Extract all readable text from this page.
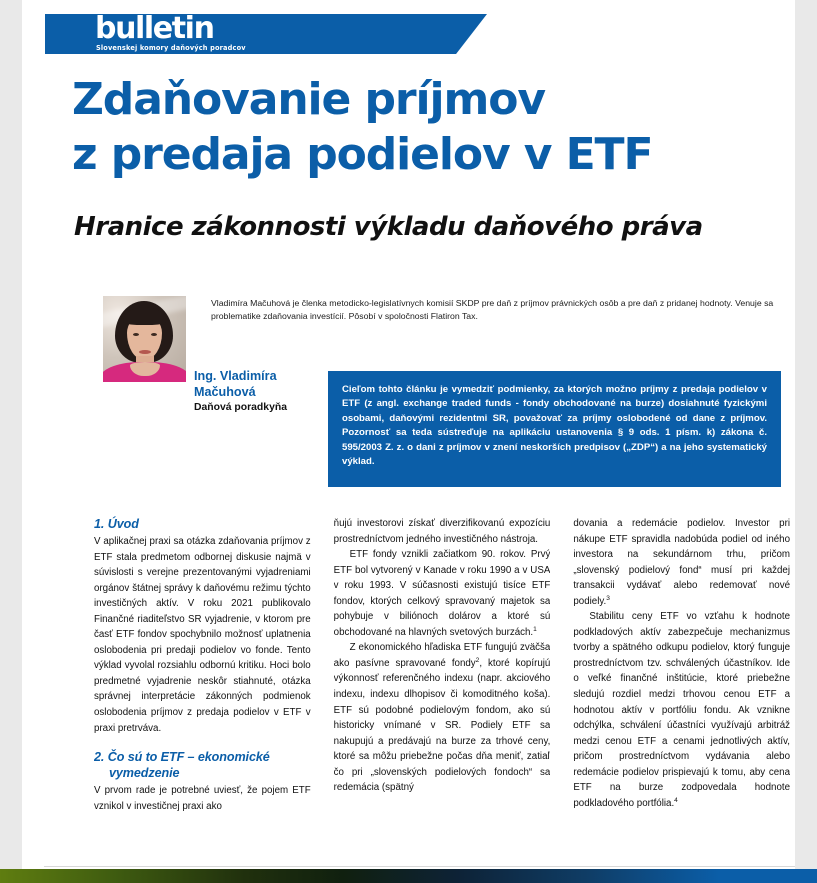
bulletin
Slovenskej komory daňových poradcov
Zdaňovanie príjmov
z predaja podielov v ETF
Hranice zákonnosti výkladu daňového práva
Vladimíra Mačuhová je členka metodicko-legislatívnych komisií SKDP pre daň z príjmov právnických osôb a pre daň z pridanej hodnoty. Venuje sa problematike zdaňovania investícií. Pôsobí v spoločnosti Flatiron Tax.
Ing. Vladimíra
Mačuhová
Daňová poradkyňa

Cieľom tohto článku je vymedziť podmienky, za ktorých možno príjmy z predaja podielov v ETF (z angl. exchange traded funds - fondy obchodované na burze) dosiahnuté fyzickými osobami, daňovými rezidentmi SR, považovať za príjmy oslobodené od dane z príjmov. Pozornosť sa teda sústreďuje na aplikáciu ustanovenia § 9 ods. 1 písm. k) zákona č. 595/2003 Z. z. o dani z príjmov v znení neskorších predpisov („ZDP“) a na jeho systematický výklad.

1. Úvod

V aplikačnej praxi sa otázka zdaňovania príjmov z ETF stala predmetom odbornej diskusie najmä v súvislosti s verejne prezentovanými vyjadreniami orgánov štátnej správy k daňovému režimu týchto investičných aktív. V roku 2021 publikovalo Finančné riaditeľstvo SR vyjadrenie, v ktorom pre časť ETF fondov spochybnilo možnosť uplatnenia oslobodenia pri predaji podielov vo fonde. Tento výklad vyvolal rozsiahlu odbornú kritiku. Hoci bolo predmetné vyjadrenie neskôr stiahnuté, otázka správnej interpretácie zákonných podmienok oslobodenia príjmov z predaja podielov v ETF v praxi pretrváva.

2. Čo sú to ETF – ekonomické
vymedzenie

V prvom rade je potrebné uviesť, že pojem ETF vznikol v investičnej praxi ako

ňujú investorovi získať diverzifikovanú expozíciu prostredníctvom jedného investičného nástroja.

ETF fondy vznikli začiatkom 90. rokov. Prvý ETF bol vytvorený v Kanade v roku 1990 a v USA v roku 1993. V súčasnosti existujú tisíce ETF fondov, ktorých celkový spravovaný majetok sa pohybuje v biliónoch dolárov a ktoré sú obchodované na hlavných svetových burzách.$^1$

Z ekonomického hľadiska ETF fungujú zväčša ako pasívne spravované fondy$^2$, ktoré kopírujú výkonnosť referenčného indexu (napr. akciového indexu, indexu dlhopisov či komoditného koša). ETF sú podobné podielovým fondom, ako sú historicky vnímané v SR. Podiely ETF sa nakupujú a predávajú na burze za trhové ceny, ktoré sa môžu priebežne počas dňa meniť, zatiaľ čo pri „slovenských podielových fondoch“ sa redemácia (spätný

dovania a redemácie podielov. Investor pri nákupe ETF spravidla nadobúda podiel od iného investora na sekundárnom trhu, pričom „slovenský podielový fond“ musí pri každej transakcii vydávať alebo redemovať nové podiely.$^3$

Stabilitu ceny ETF vo vzťahu k hodnote podkladových aktív zabezpečuje mechanizmus tvorby a spätného odkupu podielov, ktorý funguje prostredníctvom tzv. schválených účastníkov. Ide o veľké finančné inštitúcie, ktoré priebežne sledujú rozdiel medzi trhovou cenou ETF a hodnotou aktív v portfóliu fondu. Ak vznikne odchýlka, schválení účastníci využívajú arbitráž medzi cenou ETF a cenami jednotlivých aktív, pričom prostredníctvom vydávania alebo redemácie podielov prispievajú k tomu, aby cena ETF na burze zodpovedala hodnote podkladového portfólia.$^4$
